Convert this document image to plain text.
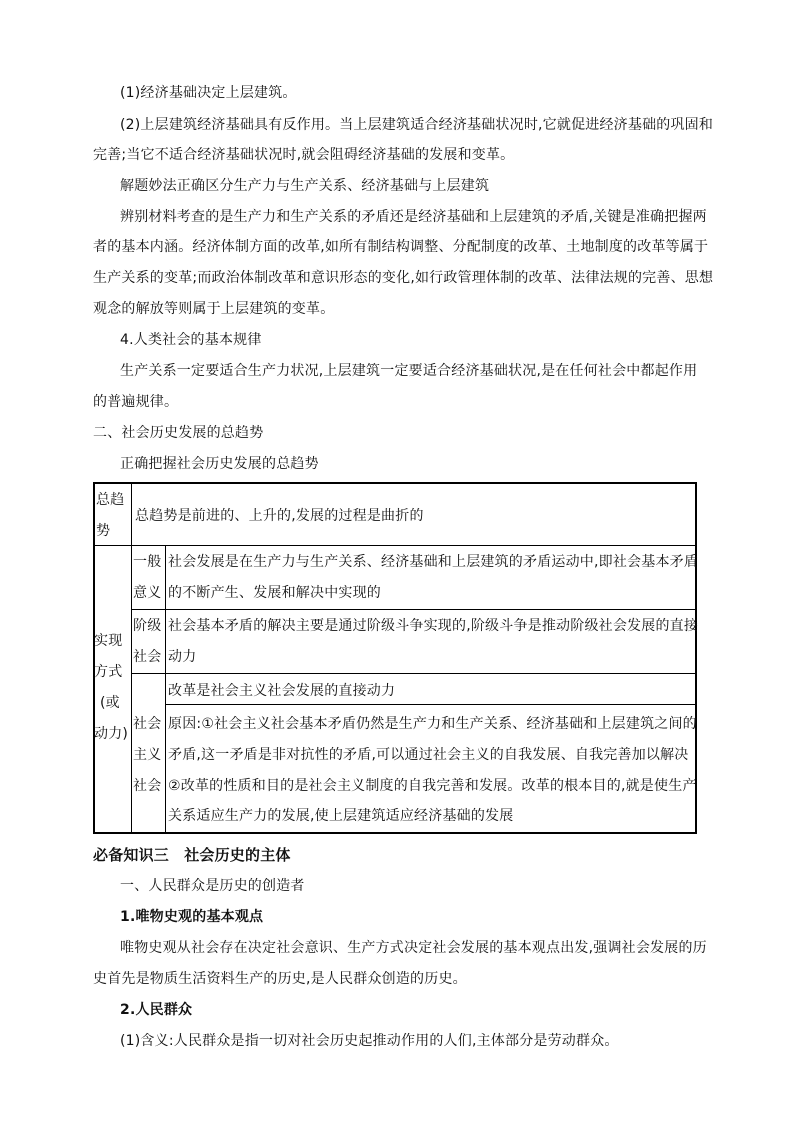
(1)经济基础决定上层建筑。
(2)上层建筑经济基础具有反作用。当上层建筑适合经济基础状况时,它就促进经济基础的巩固和
完善;当它不适合经济基础状况时,就会阻碍经济基础的发展和变革。
解题妙法正确区分生产力与生产关系、经济基础与上层建筑
辨别材料考查的是生产力和生产关系的矛盾还是经济基础和上层建筑的矛盾,关键是准确把握两
者的基本内涵。经济体制方面的改革,如所有制结构调整、分配制度的改革、土地制度的改革等属于
生产关系的变革;而政治体制改革和意识形态的变化,如行政管理体制的改革、法律法规的完善、思想
观念的解放等则属于上层建筑的变革。
4.人类社会的基本规律
生产关系一定要适合生产力状况,上层建筑一定要适合经济基础状况,是在任何社会中都起作用
的普遍规律。
二、社会历史发展的总趋势
正确把握社会历史发展的总趋势
总趋
势
总趋势是前进的、上升的,发展的过程是曲折的
实现
方式
(或
动力)
一般
意义
社会发展是在生产力与生产关系、经济基础和上层建筑的矛盾运动中,即社会基本矛盾
的不断产生、发展和解决中实现的
阶级
社会
社会基本矛盾的解决主要是通过阶级斗争实现的,阶级斗争是推动阶级社会发展的直接
动力
社会
主义
社会
改革是社会主义社会发展的直接动力
原因:①社会主义社会基本矛盾仍然是生产力和生产关系、经济基础和上层建筑之间的
矛盾,这一矛盾是非对抗性的矛盾,可以通过社会主义的自我发展、自我完善加以解决
②改革的性质和目的是社会主义制度的自我完善和发展。改革的根本目的,就是使生产
关系适应生产力的发展,使上层建筑适应经济基础的发展
必备知识三　社会历史的主体
一、人民群众是历史的创造者
1.唯物史观的基本观点
唯物史观从社会存在决定社会意识、生产方式决定社会发展的基本观点出发,强调社会发展的历
史首先是物质生活资料生产的历史,是人民群众创造的历史。
2.人民群众
(1)含义:人民群众是指一切对社会历史起推动作用的人们,主体部分是劳动群众。
